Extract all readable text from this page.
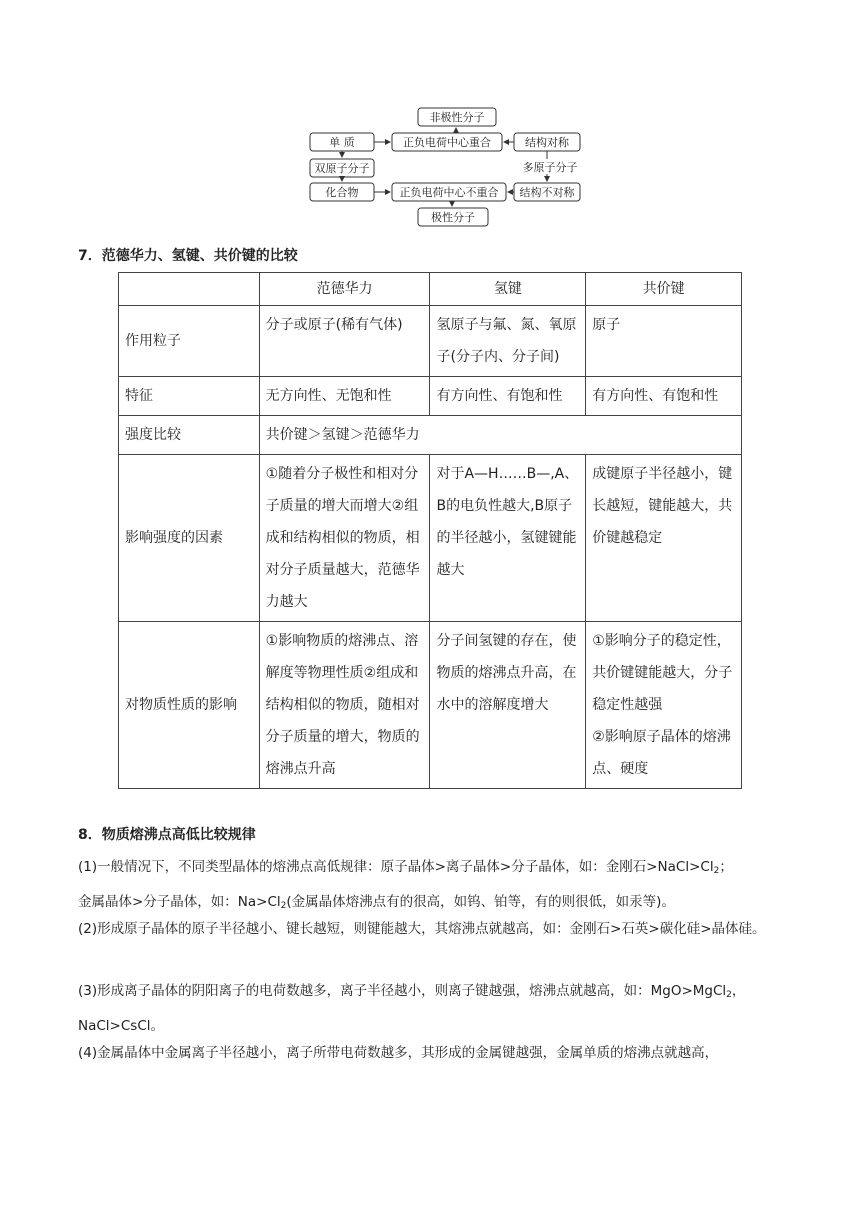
非极性分子
单 质	正负电荷中心重合	结构对称
双原子分子	多原子分子
化合物	正负电荷中心不重合 结构不对称
极性分子
7．范德华力、氢键、共价键的比较
	范德华力	氢键	共价键
作用粒子	分子或原子(稀有气体)	氢原子与氟、氮、氧原子(分子内、分子间)	原子
特征	无方向性、无饱和性	有方向性、有饱和性	有方向性、有饱和性
强度比较	共价键＞氢键＞范德华力		
影响强度的因素	①随着分子极性和相对分子质量的增大而增大②组成和结构相似的物质，相对分子质量越大，范德华力越大	对于A—H……B—,A、B的电负性越大,B原子的半径越小，氢键键能越大	成键原子半径越小，键长越短，键能越大，共价键越稳定
对物质性质的影响	①影响物质的熔沸点、溶解度等物理性质②组成和结构相似的物质，随相对分子质量的增大，物质的熔沸点升高	分子间氢键的存在，使物质的熔沸点升高，在水中的溶解度增大	①影响分子的稳定性，共价键键能越大，分子稳定性越强
②影响原子晶体的熔沸点、硬度
8．物质熔沸点高低比较规律
(1)一般情况下，不同类型晶体的熔沸点高低规律：原子晶体>离子晶体>分子晶体，如：金刚石$>NaCl>Cl_2$；
金属晶体>分子晶体，如：$Na>Cl_2$(金属晶体熔沸点有的很高，如钨、铂等，有的则很低，如汞等)。
(2)形成原子晶体的原子半径越小、键长越短，则键能越大，其熔沸点就越高，如：金刚石>石英>碳化硅>晶体硅。
(3)形成离子晶体的阴阳离子的电荷数越多，离子半径越小，则离子键越强，熔沸点就越高，如：MgO>MgCl$_2$，
NaCl>CsCl。
(4)金属晶体中金属离子半径越小，离子所带电荷数越多，其形成的金属键越强，金属单质的熔沸点就越高，
